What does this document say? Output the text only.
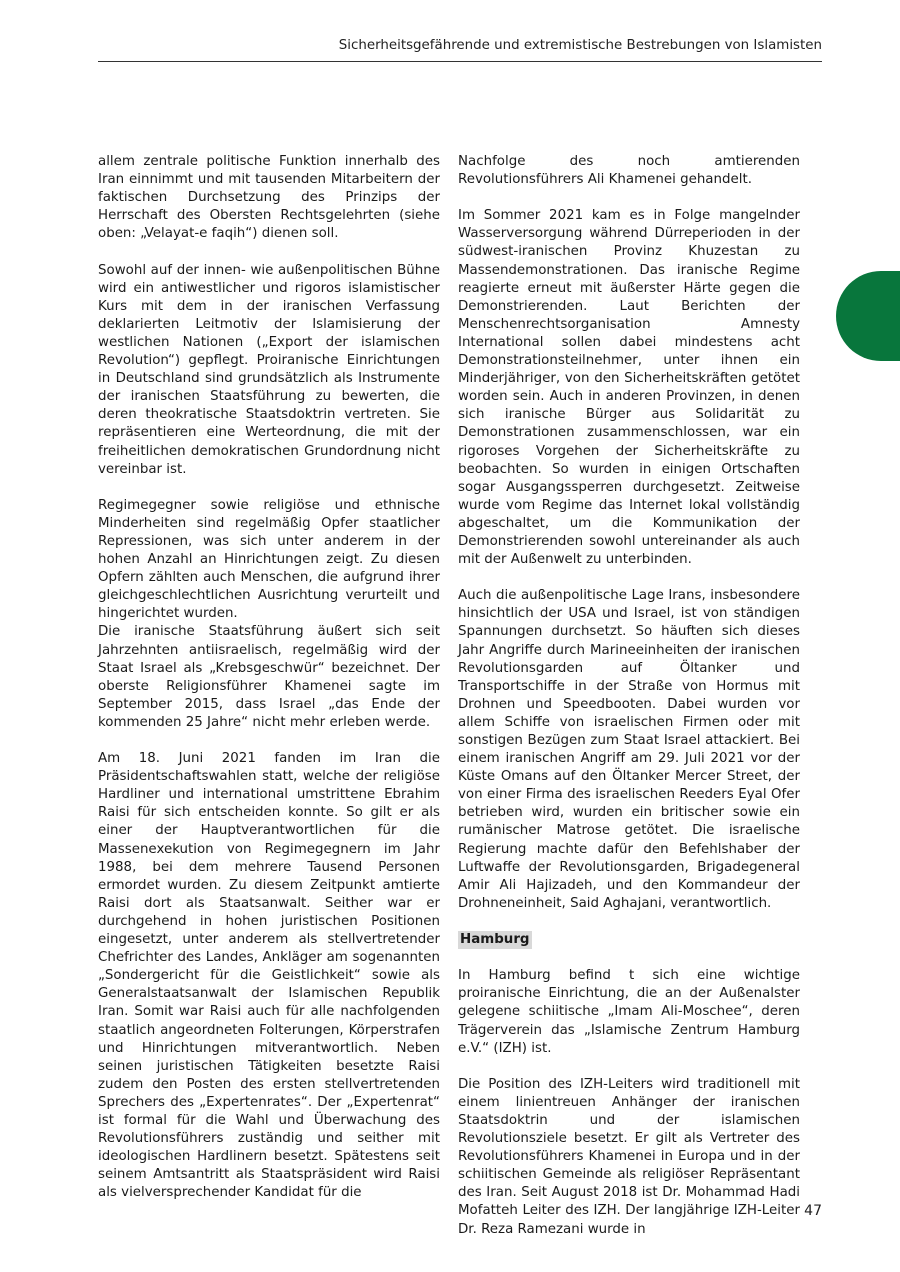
Sicherheitsgefährende und extremistische Bestrebungen von Islamisten

allem zentrale politische Funktion innerhalb des Iran einnimmt und mit tausenden Mitarbeitern der faktischen Durchsetzung des Prinzips der Herrschaft des Obersten Rechtsgelehrten (siehe oben: „Velayat-e faqih“) dienen soll.

Sowohl auf der innen- wie außenpolitischen Bühne wird ein antiwestlicher und rigoros islamistischer Kurs mit dem in der iranischen Verfassung deklarierten Leitmotiv der Islamisierung der westlichen Nationen („Export der islamischen Revolution“) gepflegt. Proiranische Einrichtungen in Deutschland sind grundsätzlich als Instrumente der iranischen Staatsführung zu bewerten, die deren theokratische Staatsdoktrin vertreten. Sie repräsentieren eine Werteordnung, die mit der freiheitlichen demokratischen Grundordnung nicht vereinbar ist.

Regimegegner sowie religiöse und ethnische Minderheiten sind regelmäßig Opfer staatlicher Repressionen, was sich unter anderem in der hohen Anzahl an Hinrichtungen zeigt. Zu diesen Opfern zählten auch Menschen, die aufgrund ihrer gleichgeschlechtlichen Ausrichtung verurteilt und hingerichtet wurden.

Die iranische Staatsführung äußert sich seit Jahrzehnten antiisraelisch, regelmäßig wird der Staat Israel als „Krebsgeschwür“ bezeichnet. Der oberste Religionsführer Khamenei sagte im September 2015, dass Israel „das Ende der kommenden 25 Jahre“ nicht mehr erleben werde.

Am 18. Juni 2021 fanden im Iran die Präsidentschaftswahlen statt, welche der religiöse Hardliner und international umstrittene Ebrahim Raisi für sich entscheiden konnte. So gilt er als einer der Hauptverantwortlichen für die Massenexekution von Regimegegnern im Jahr 1988, bei dem mehrere Tausend Personen ermordet wurden. Zu diesem Zeitpunkt amtierte Raisi dort als Staatsanwalt. Seither war er durchgehend in hohen juristischen Positionen eingesetzt, unter anderem als stellvertretender Chefrichter des Landes, Ankläger am sogenannten „Sondergericht für die Geistlichkeit“ sowie als Generalstaatsanwalt der Islamischen Republik Iran. Somit war Raisi auch für alle nachfolgenden staatlich angeordneten Folterungen, Körperstrafen und Hinrichtungen mitverantwortlich. Neben seinen juristischen Tätigkeiten besetzte Raisi zudem den Posten des ersten stellvertretenden Sprechers des „Expertenrates“. Der „Expertenrat“ ist formal für die Wahl und Überwachung des Revolutionsführers zuständig und seither mit ideologischen Hardlinern besetzt. Spätestens seit seinem Amtsantritt als Staatspräsident wird Raisi als vielversprechender Kandidat für die

Nachfolge des noch amtierenden Revolutionsführers Ali Khamenei gehandelt.

Im Sommer 2021 kam es in Folge mangelnder Wasserversorgung während Dürreperioden in der südwest-iranischen Provinz Khuzestan zu Massendemonstrationen. Das iranische Regime reagierte erneut mit äußerster Härte gegen die Demonstrierenden. Laut Berichten der Menschenrechtsorganisation Amnesty International sollen dabei mindestens acht Demonstrationsteilnehmer, unter ihnen ein Minderjähriger, von den Sicherheitskräften getötet worden sein. Auch in anderen Provinzen, in denen sich iranische Bürger aus Solidarität zu Demonstrationen zusammenschlossen, war ein rigoroses Vorgehen der Sicherheitskräfte zu beobachten. So wurden in einigen Ortschaften sogar Ausgangssperren durchgesetzt. Zeitweise wurde vom Regime das Internet lokal vollständig abgeschaltet, um die Kommunikation der Demonstrierenden sowohl untereinander als auch mit der Außenwelt zu unterbinden.

Auch die außenpolitische Lage Irans, insbesondere hinsichtlich der USA und Israel, ist von ständigen Spannungen durchsetzt. So häuften sich dieses Jahr Angriffe durch Marineeinheiten der iranischen Revolutionsgarden auf Öltanker und Transportschiffe in der Straße von Hormus mit Drohnen und Speedbooten. Dabei wurden vor allem Schiffe von israelischen Firmen oder mit sonstigen Bezügen zum Staat Israel attackiert. Bei einem iranischen Angriff am 29. Juli 2021 vor der Küste Omans auf den Öltanker Mercer Street, der von einer Firma des israelischen Reeders Eyal Ofer betrieben wird, wurden ein britischer sowie ein rumänischer Matrose getötet. Die israelische Regierung machte dafür den Befehlshaber der Luftwaffe der Revolutionsgarden, Brigadegeneral Amir Ali Hajizadeh, und den Kommandeur der Drohneneinheit, Said Aghajani, verantwortlich.

Hamburg

In Hamburg befind t sich eine wichtige proiranische Einrichtung, die an der Außenalster gelegene schiitische „Imam Ali-Moschee“, deren Trägerverein das „Islamische Zentrum Hamburg e.V.“ (IZH) ist.

Die Position des IZH-Leiters wird traditionell mit einem linientreuen Anhänger der iranischen Staatsdoktrin und der islamischen Revolutionsziele besetzt. Er gilt als Vertreter des Revolutionsführers Khamenei in Europa und in der schiitischen Gemeinde als religiöser Repräsentant des Iran. Seit August 2018 ist Dr. Mohammad Hadi Mofatteh Leiter des IZH. Der langjährige IZH-Leiter Dr. Reza Ramezani wurde in

47
